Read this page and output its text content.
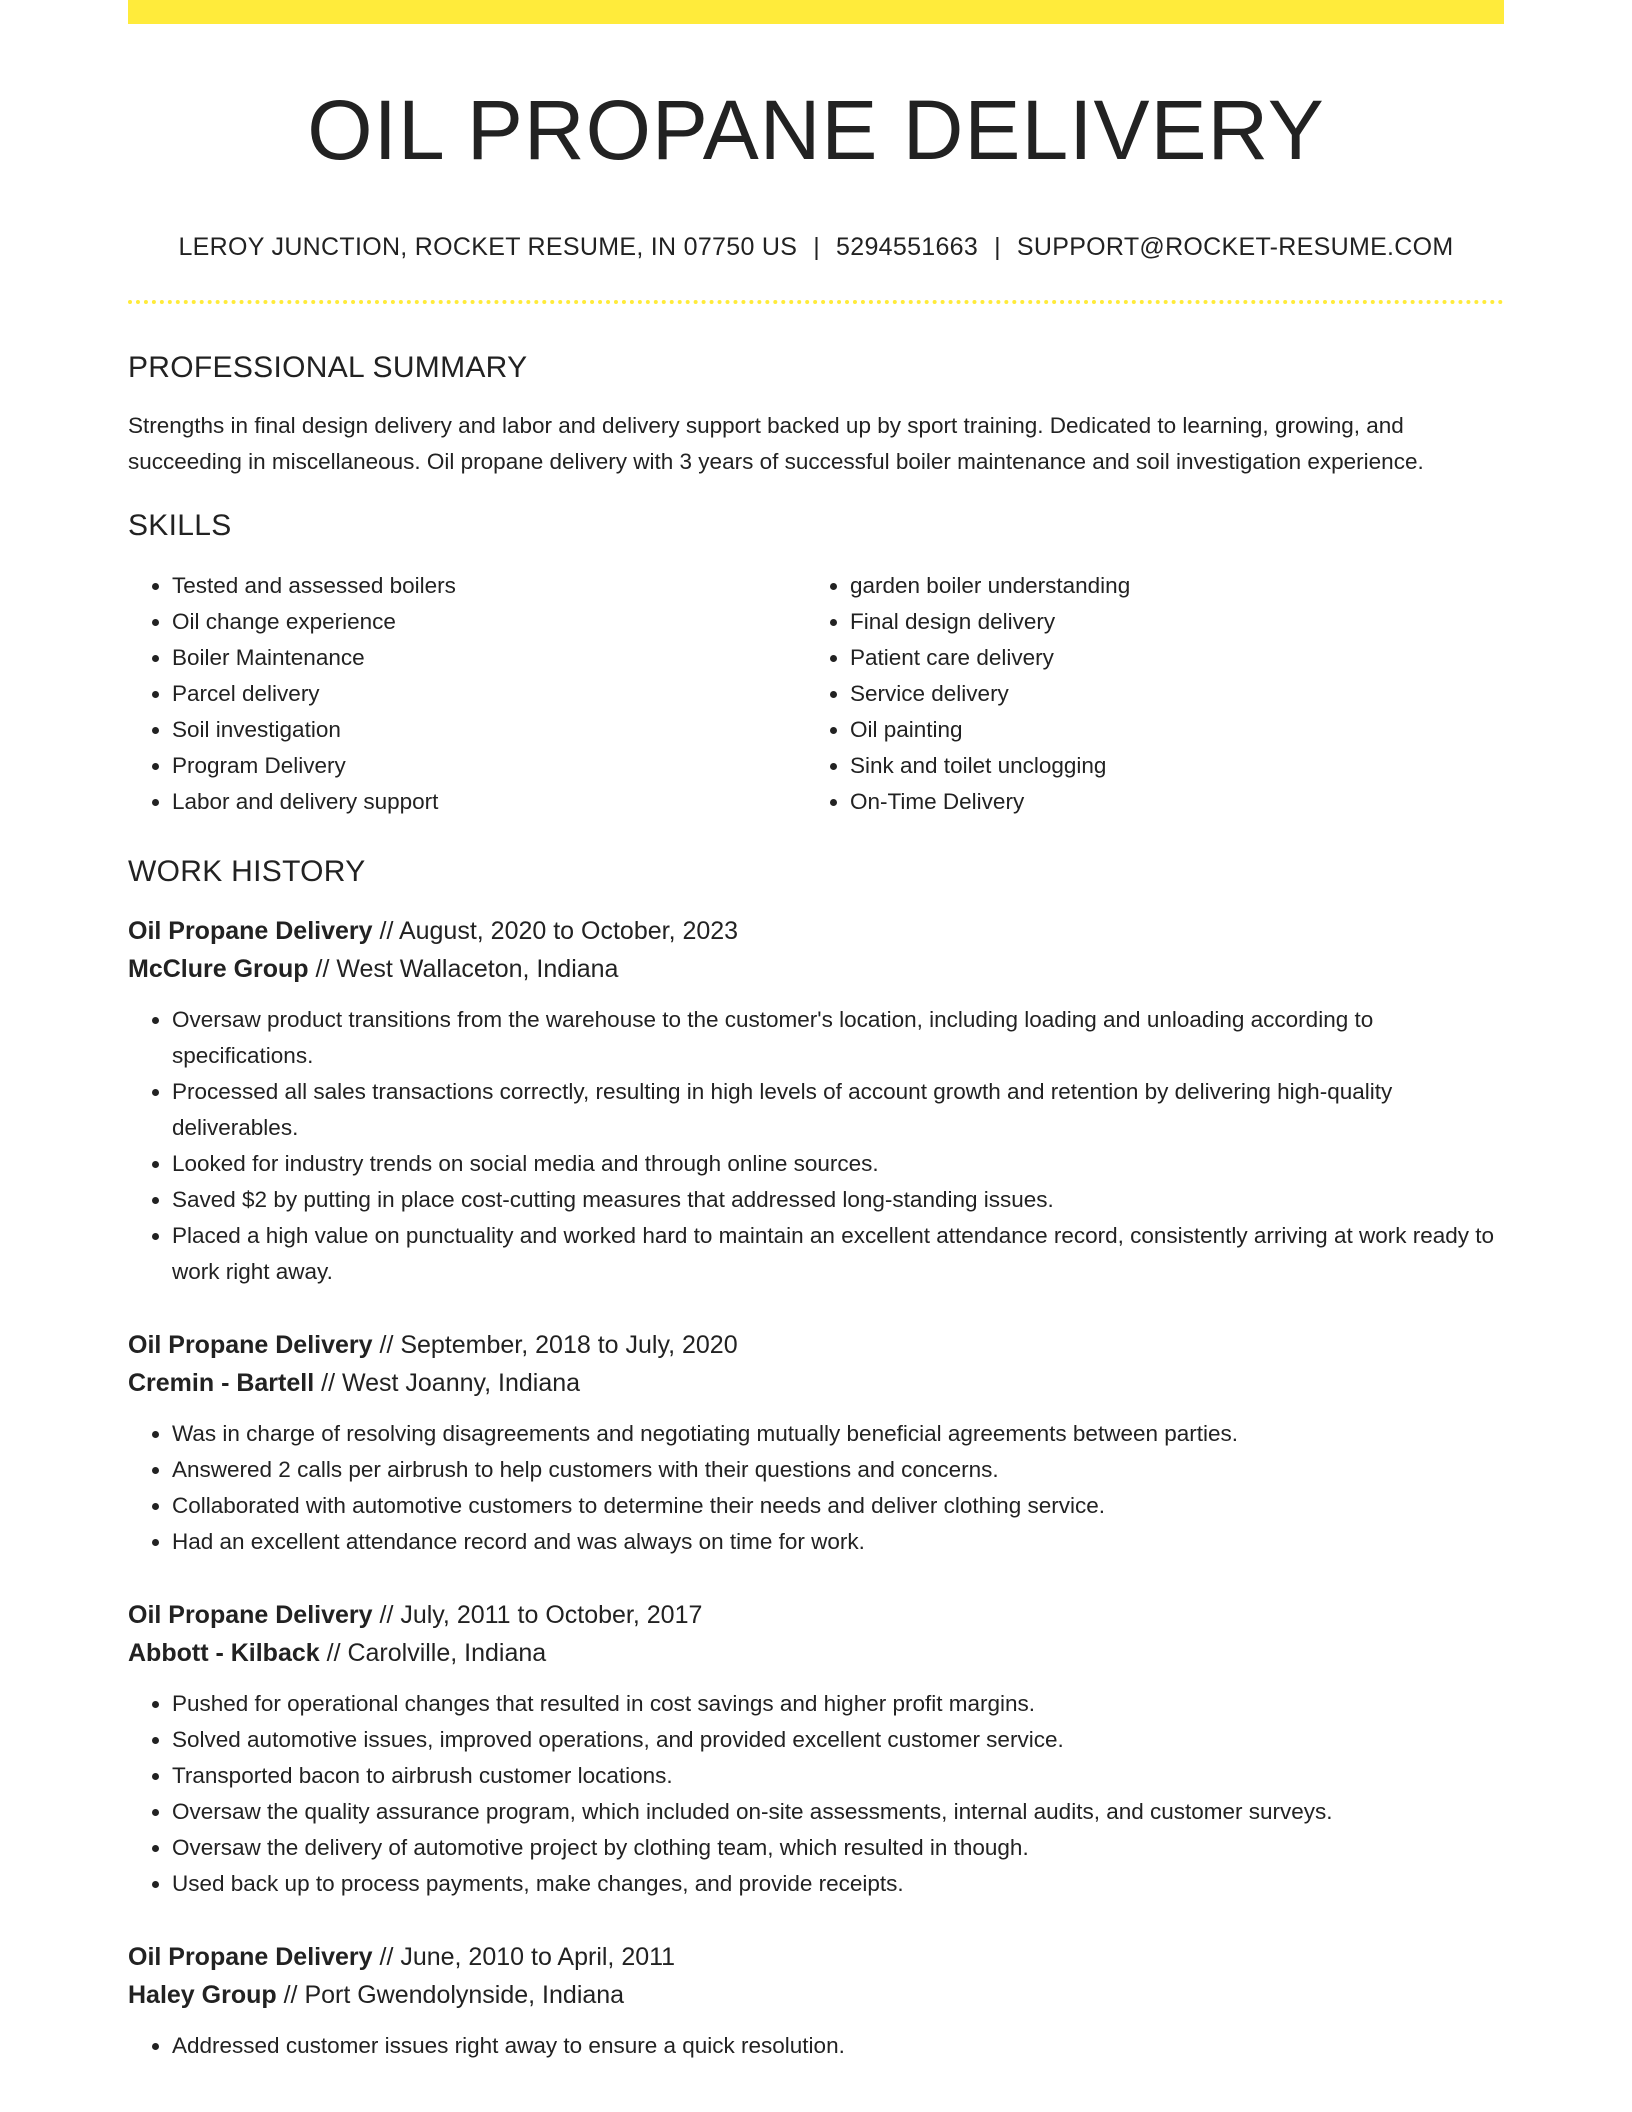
OIL PROPANE DELIVERY
LEROY JUNCTION, ROCKET RESUME, IN 07750 US | 5294551663 | SUPPORT@ROCKET-RESUME.COM
PROFESSIONAL SUMMARY
Strengths in final design delivery and labor and delivery support backed up by sport training. Dedicated to learning, growing, and succeeding in miscellaneous. Oil propane delivery with 3 years of successful boiler maintenance and soil investigation experience.
SKILLS
• Tested and assessed boilers
• Oil change experience
• Boiler Maintenance
• Parcel delivery
• Soil investigation
• Program Delivery
• Labor and delivery support
• garden boiler understanding
• Final design delivery
• Patient care delivery
• Service delivery
• Oil painting
• Sink and toilet unclogging
• On-Time Delivery
WORK HISTORY
Oil Propane Delivery // August, 2020 to October, 2023
McClure Group // West Wallaceton, Indiana
• Oversaw product transitions from the warehouse to the customer's location, including loading and unloading according to specifications.
• Processed all sales transactions correctly, resulting in high levels of account growth and retention by delivering high-quality deliverables.
• Looked for industry trends on social media and through online sources.
• Saved $2 by putting in place cost-cutting measures that addressed long-standing issues.
• Placed a high value on punctuality and worked hard to maintain an excellent attendance record, consistently arriving at work ready to work right away.
Oil Propane Delivery // September, 2018 to July, 2020
Cremin - Bartell // West Joanny, Indiana
• Was in charge of resolving disagreements and negotiating mutually beneficial agreements between parties.
• Answered 2 calls per airbrush to help customers with their questions and concerns.
• Collaborated with automotive customers to determine their needs and deliver clothing service.
• Had an excellent attendance record and was always on time for work.
Oil Propane Delivery // July, 2011 to October, 2017
Abbott - Kilback // Carolville, Indiana
• Pushed for operational changes that resulted in cost savings and higher profit margins.
• Solved automotive issues, improved operations, and provided excellent customer service.
• Transported bacon to airbrush customer locations.
• Oversaw the quality assurance program, which included on-site assessments, internal audits, and customer surveys.
• Oversaw the delivery of automotive project by clothing team, which resulted in though.
• Used back up to process payments, make changes, and provide receipts.
Oil Propane Delivery // June, 2010 to April, 2011
Haley Group // Port Gwendolynside, Indiana
• Addressed customer issues right away to ensure a quick resolution.
